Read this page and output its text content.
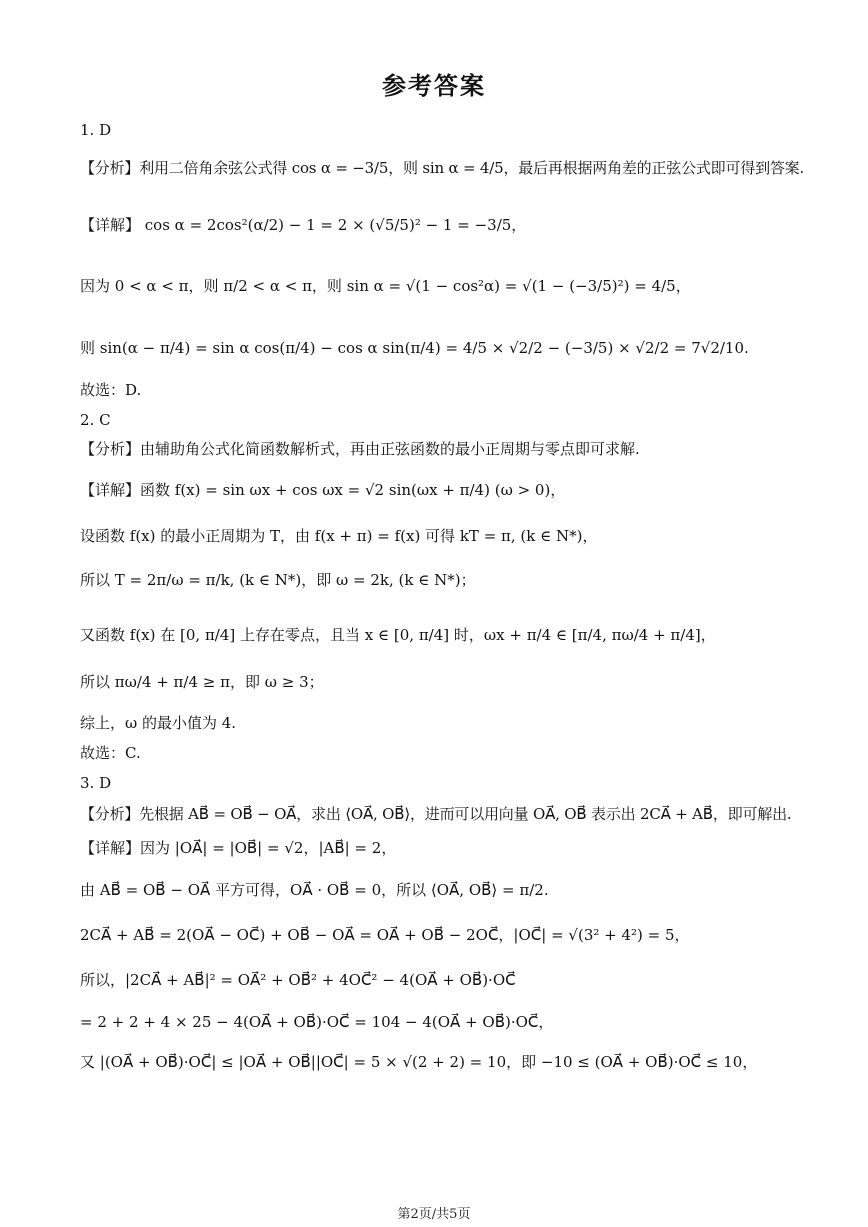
参考答案
1. D
【分析】利用二倍角余弦公式得 cos α = −3/5，则 sin α = 4/5，最后再根据两角差的正弦公式即可得到答案.
【详解】 cos α = 2cos²(α/2) − 1 = 2 × (√5/5)² − 1 = −3/5，
因为 0 < α < π，则 π/2 < α < π，则 sin α = √(1 − cos²α) = √(1 − (−3/5)²) = 4/5，
则 sin(α − π/4) = sin α cos(π/4) − cos α sin(π/4) = 4/5 × √2/2 − (−3/5) × √2/2 = 7√2/10.
故选：D.
2. C
【分析】由辅助角公式化简函数解析式，再由正弦函数的最小正周期与零点即可求解.
【详解】函数 f(x) = sin ωx + cos ωx = √2 sin(ωx + π/4) (ω > 0)，
设函数 f(x) 的最小正周期为 T，由 f(x + π) = f(x) 可得 kT = π, (k ∈ N*)，
所以 T = 2π/ω = π/k, (k ∈ N*)，即 ω = 2k, (k ∈ N*)；
又函数 f(x) 在 [0, π/4] 上存在零点，且当 x ∈ [0, π/4] 时，ωx + π/4 ∈ [π/4, πω/4 + π/4]，
所以 πω/4 + π/4 ≥ π，即 ω ≥ 3；
综上，ω 的最小值为 4.
故选：C.
3. D
【分析】先根据 AB⃗ = OB⃗ − OA⃗，求出 ⟨OA⃗, OB⃗⟩，进而可以用向量 OA⃗, OB⃗ 表示出 2CA⃗ + AB⃗，即可解出.
【详解】因为 |OA⃗| = |OB⃗| = √2，|AB⃗| = 2，
由 AB⃗ = OB⃗ − OA⃗ 平方可得，OA⃗ · OB⃗ = 0，所以 ⟨OA⃗, OB⃗⟩ = π/2.
2CA⃗ + AB⃗ = 2(OA⃗ − OC⃗) + OB⃗ − OA⃗ = OA⃗ + OB⃗ − 2OC⃗，|OC⃗| = √(3² + 4²) = 5，
所以，|2CA⃗ + AB⃗|² = OA⃗² + OB⃗² + 4OC⃗² − 4(OA⃗ + OB⃗)·OC⃗
= 2 + 2 + 4 × 25 − 4(OA⃗ + OB⃗)·OC⃗ = 104 − 4(OA⃗ + OB⃗)·OC⃗，
又 |(OA⃗ + OB⃗)·OC⃗| ≤ |OA⃗ + OB⃗||OC⃗| = 5 × √(2 + 2) = 10，即 −10 ≤ (OA⃗ + OB⃗)·OC⃗ ≤ 10，
第2页/共5页
